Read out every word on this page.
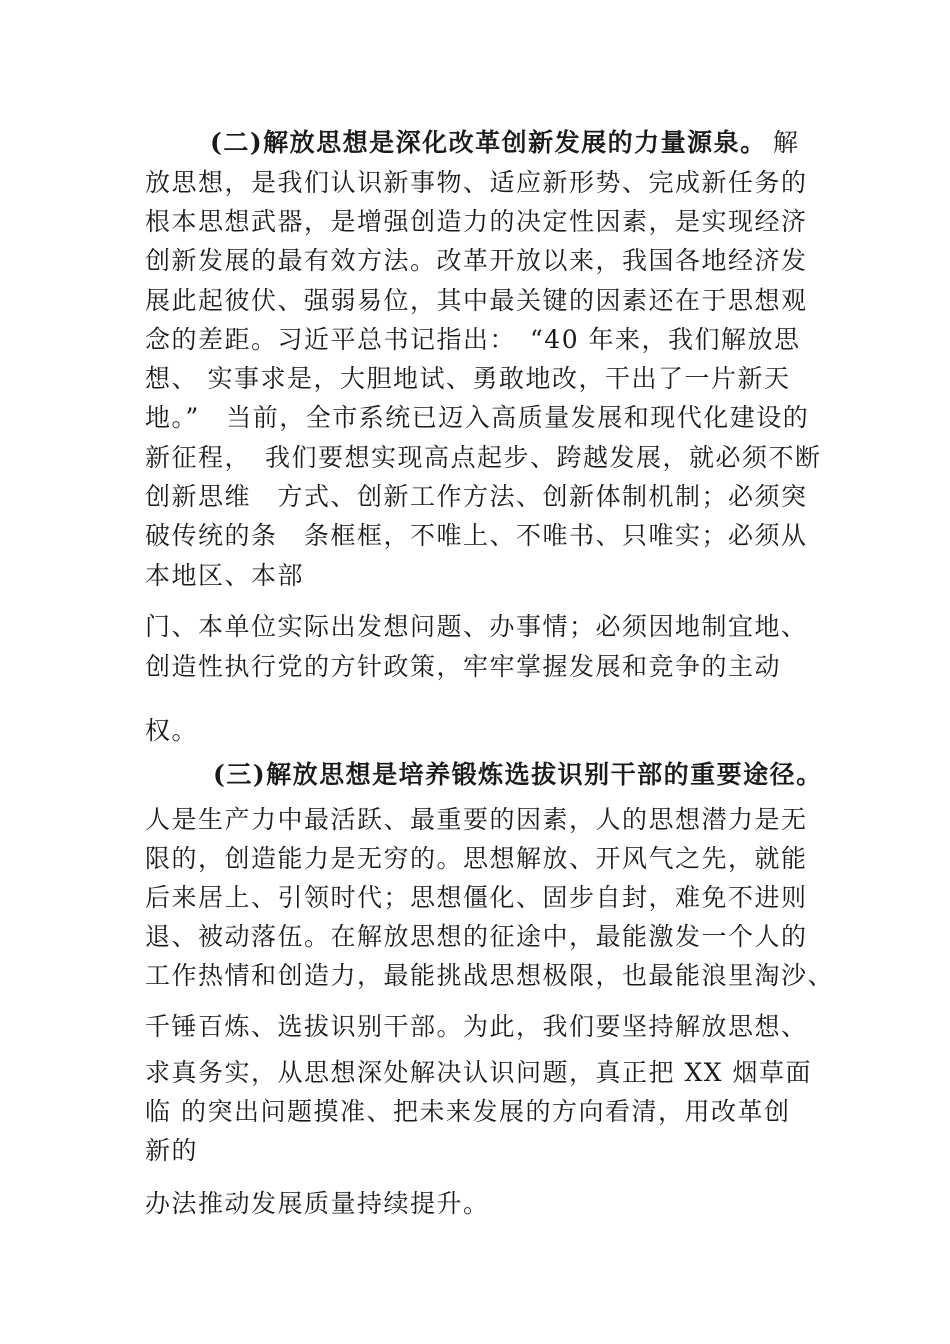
(二)解放思想是深化改革创新发展的力量源泉。 解
放思想，是我们认识新事物、适应新形势、完成新任务的
根本思想武器，是增强创造力的决定性因素，是实现经济
创新发展的最有效方法。改革开放以来，我国各地经济发
展此起彼伏、强弱易位，其中最关键的因素还在于思想观
念的差距。习近平总书记指出：　“40 年来，我们解放思
想、 实事求是，大胆地试、勇敢地改，干出了一片新天
地。”　当前，全市系统已迈入高质量发展和现代化建设的
新征程，　我们要想实现高点起步、跨越发展，就必须不断
创新思维　方式、创新工作方法、创新体制机制；必须突
破传统的条　条框框，不唯上、不唯书、只唯实；必须从
本地区、本部
门、本单位实际出发想问题、办事情；必须因地制宜地、
创造性执行党的方针政策，牢牢掌握发展和竞争的主动
权。
(三)解放思想是培养锻炼选拔识别干部的重要途径。
人是生产力中最活跃、最重要的因素，人的思想潜力是无
限的，创造能力是无穷的。思想解放、开风气之先，就能
后来居上、引领时代；思想僵化、固步自封，难免不进则
退、被动落伍。在解放思想的征途中，最能激发一个人的
工作热情和创造力，最能挑战思想极限，也最能浪里淘沙、
千锤百炼、选拔识别干部。为此，我们要坚持解放思想、
求真务实，从思想深处解决认识问题，真正把 XX 烟草面
临 的突出问题摸准、把未来发展的方向看清，用改革创
新的
办法推动发展质量持续提升。
